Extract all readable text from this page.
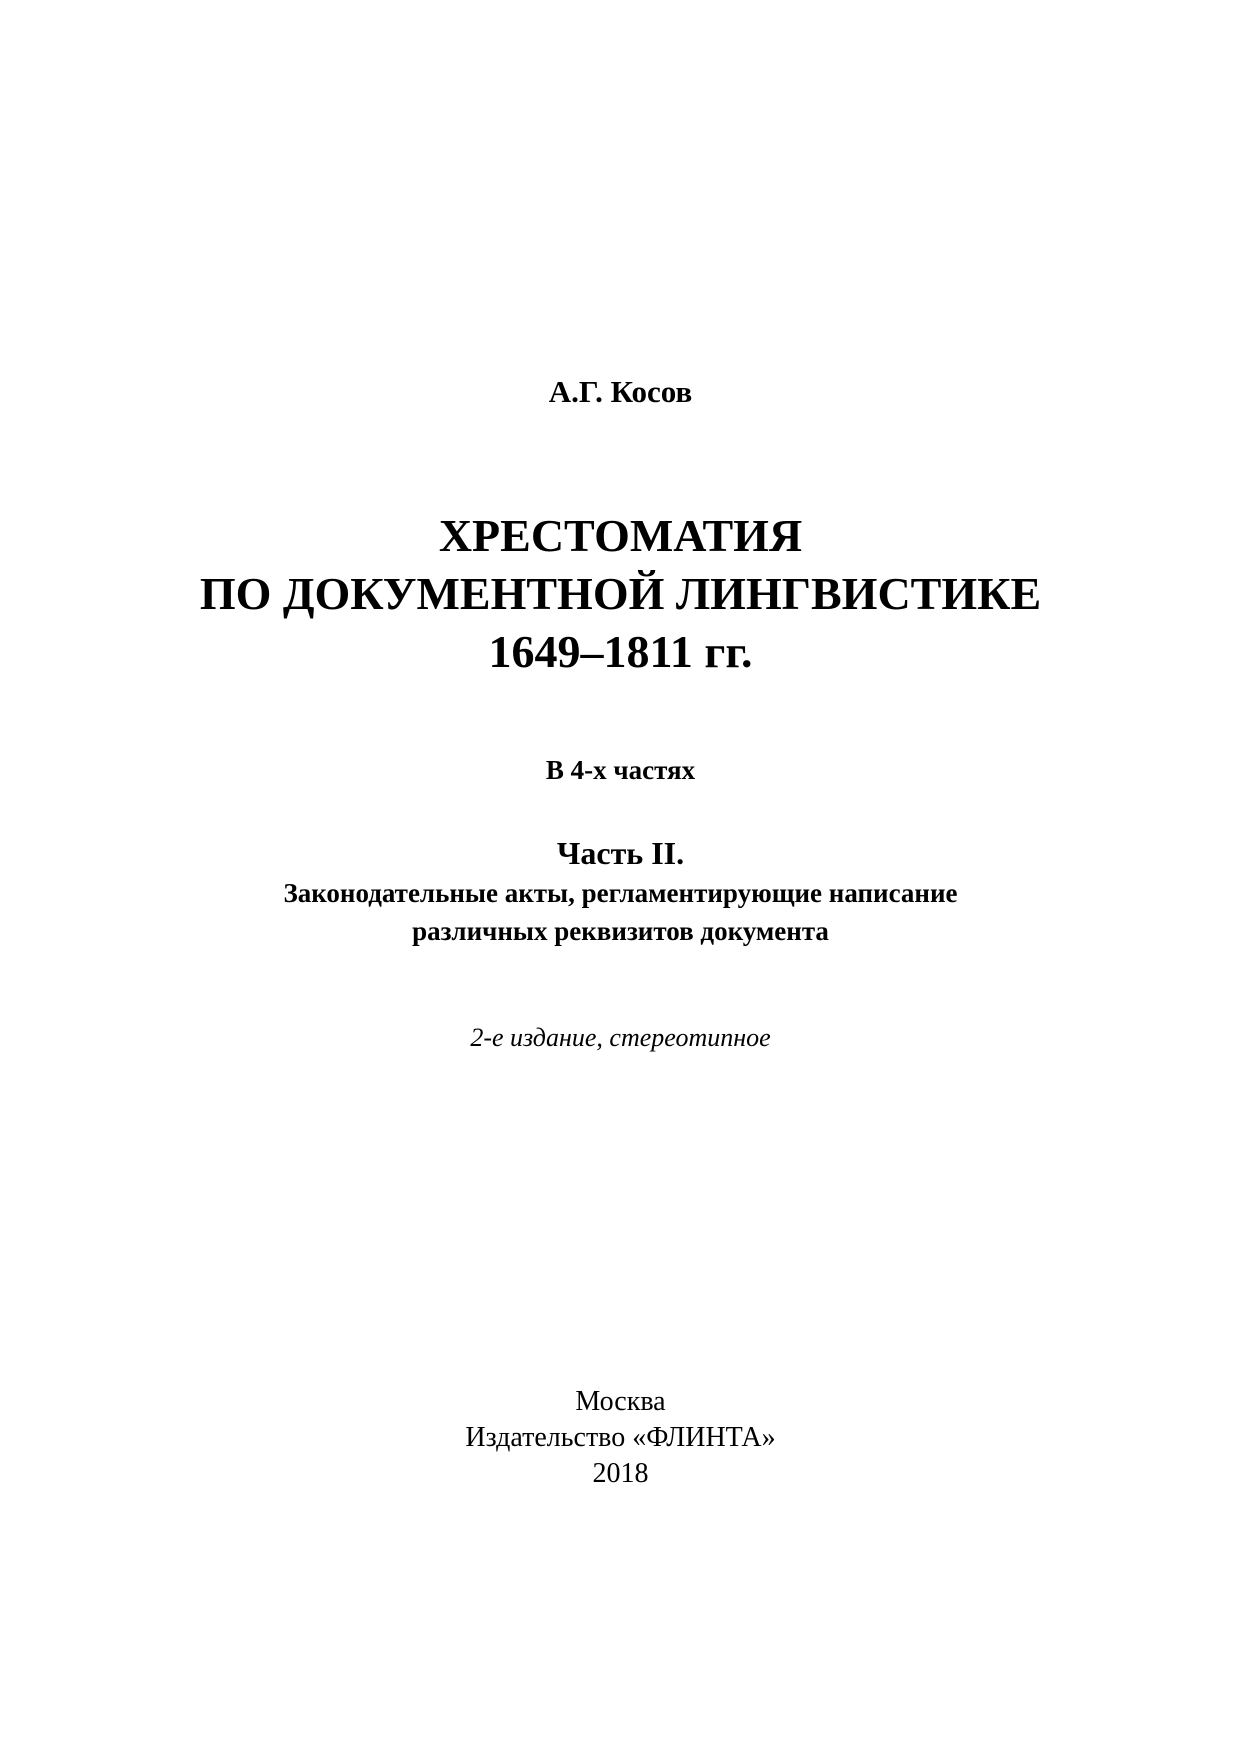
А.Г. Косов

ХРЕСТОМАТИЯ

ПО ДОКУМЕНТНОЙ ЛИНГВИСТИКЕ

1649–1811 гг.

В 4-х частях

Часть II.

Законодательные акты, регламентирующие написание

различных реквизитов документа

2-е издание, стереотипное

Москва

Издательство «ФЛИНТА»

2018
